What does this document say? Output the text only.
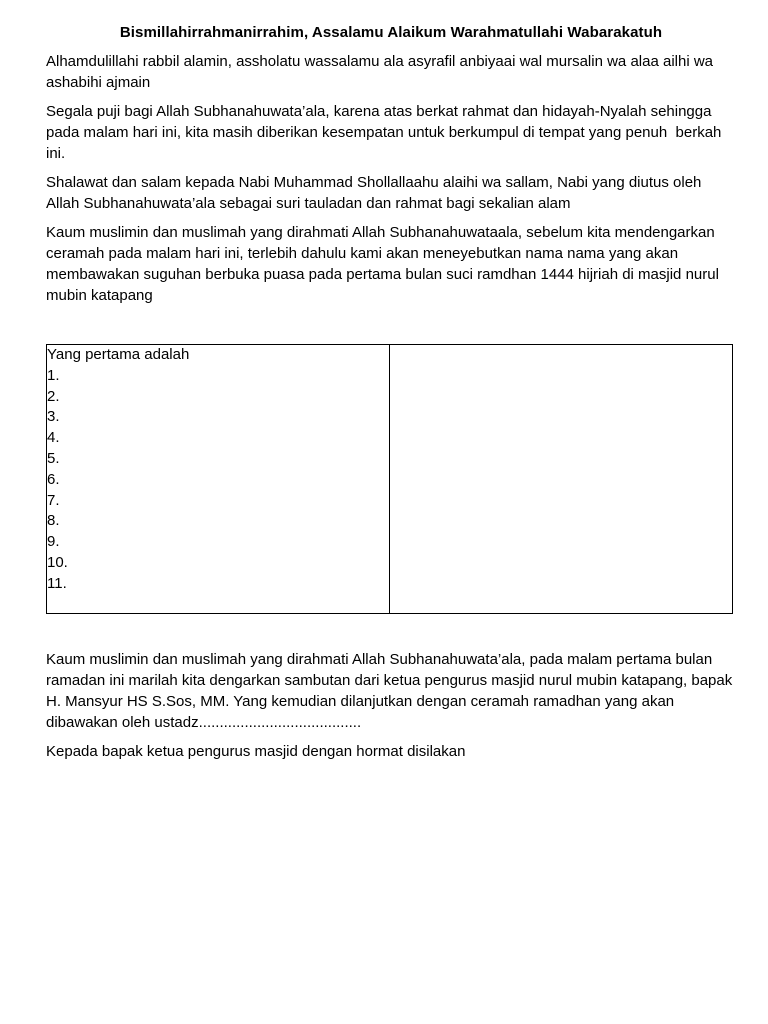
Bismillahirrahmanirrahim, Assalamu Alaikum Warahmatullahi Wabarakatuh

Alhamdulillahi rabbil alamin, assholatu wassalamu ala asyrafil anbiyaai wal mursalin wa alaa ailhi wa ashabihi ajmain

Segala puji bagi Allah Subhanahuwata’ala, karena atas berkat rahmat dan hidayah-Nyalah sehingga pada malam hari ini, kita masih diberikan kesempatan untuk berkumpul di tempat yang penuh  berkah ini.

Shalawat dan salam kepada Nabi Muhammad Shollallaahu alaihi wa sallam, Nabi yang diutus oleh Allah Subhanahuwata’ala sebagai suri tauladan dan rahmat bagi sekalian alam

Kaum muslimin dan muslimah yang dirahmati Allah Subhanahuwataala, sebelum kita mendengarkan ceramah pada malam hari ini, terlebih dahulu kami akan meneyebutkan nama nama yang akan membawakan suguhan berbuka puasa pada pertama bulan suci ramdhan 1444 hijriah di masjid nurul mubin katapang

Yang pertama adalah

1.

2.

3.

4.

5.

6.

7.

8.

9.

10.

11.

Kaum muslimin dan muslimah yang dirahmati Allah Subhanahuwata’ala, pada malam pertama bulan ramadan ini marilah kita dengarkan sambutan dari ketua pengurus masjid nurul mubin katapang, bapak H. Mansyur HS S.Sos, MM. Yang kemudian dilanjutkan dengan ceramah ramadhan yang akan dibawakan oleh ustadz.......................................

Kepada bapak ketua pengurus masjid dengan hormat disilakan
